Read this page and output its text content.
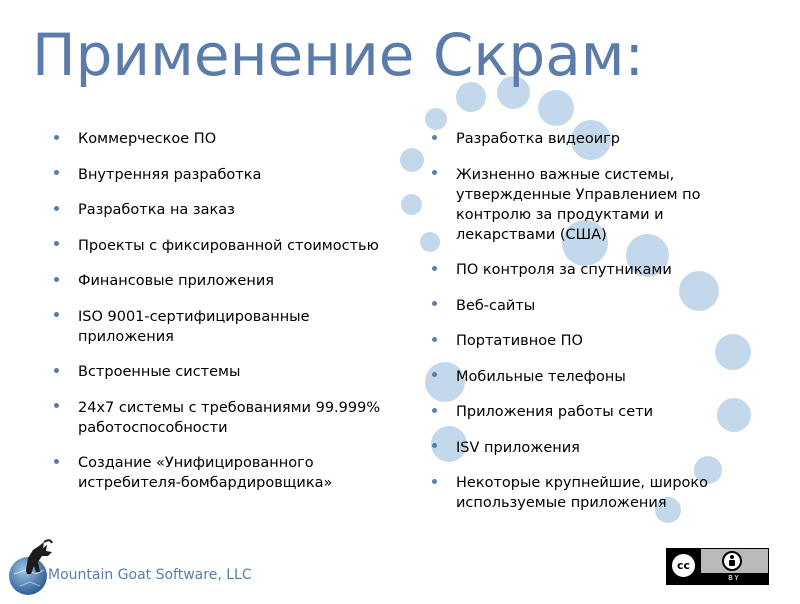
Применение Скрам:
Коммерческое ПО
Внутренняя разработка
Разработка на заказ
Проекты с фиксированной стоимостью
Финансовые приложения
ISO 9001-сертифицированные приложения
Встроенные системы
24x7 системы с требованиями 99.999% работоспособности
Создание «Унифицированного истребителя-бомбардировщика»
Разработка видеоигр
Жизненно важные системы, утвержденные Управлением по контролю за продуктами и лекарствами (США)
ПО контроля за спутниками
Веб-сайты
Портативное ПО
Мобильные телефоны
Приложения работы сети
ISV приложения
Некоторые крупнейшие, широко используемые приложения
Mountain Goat Software, LLC
cc
BY
